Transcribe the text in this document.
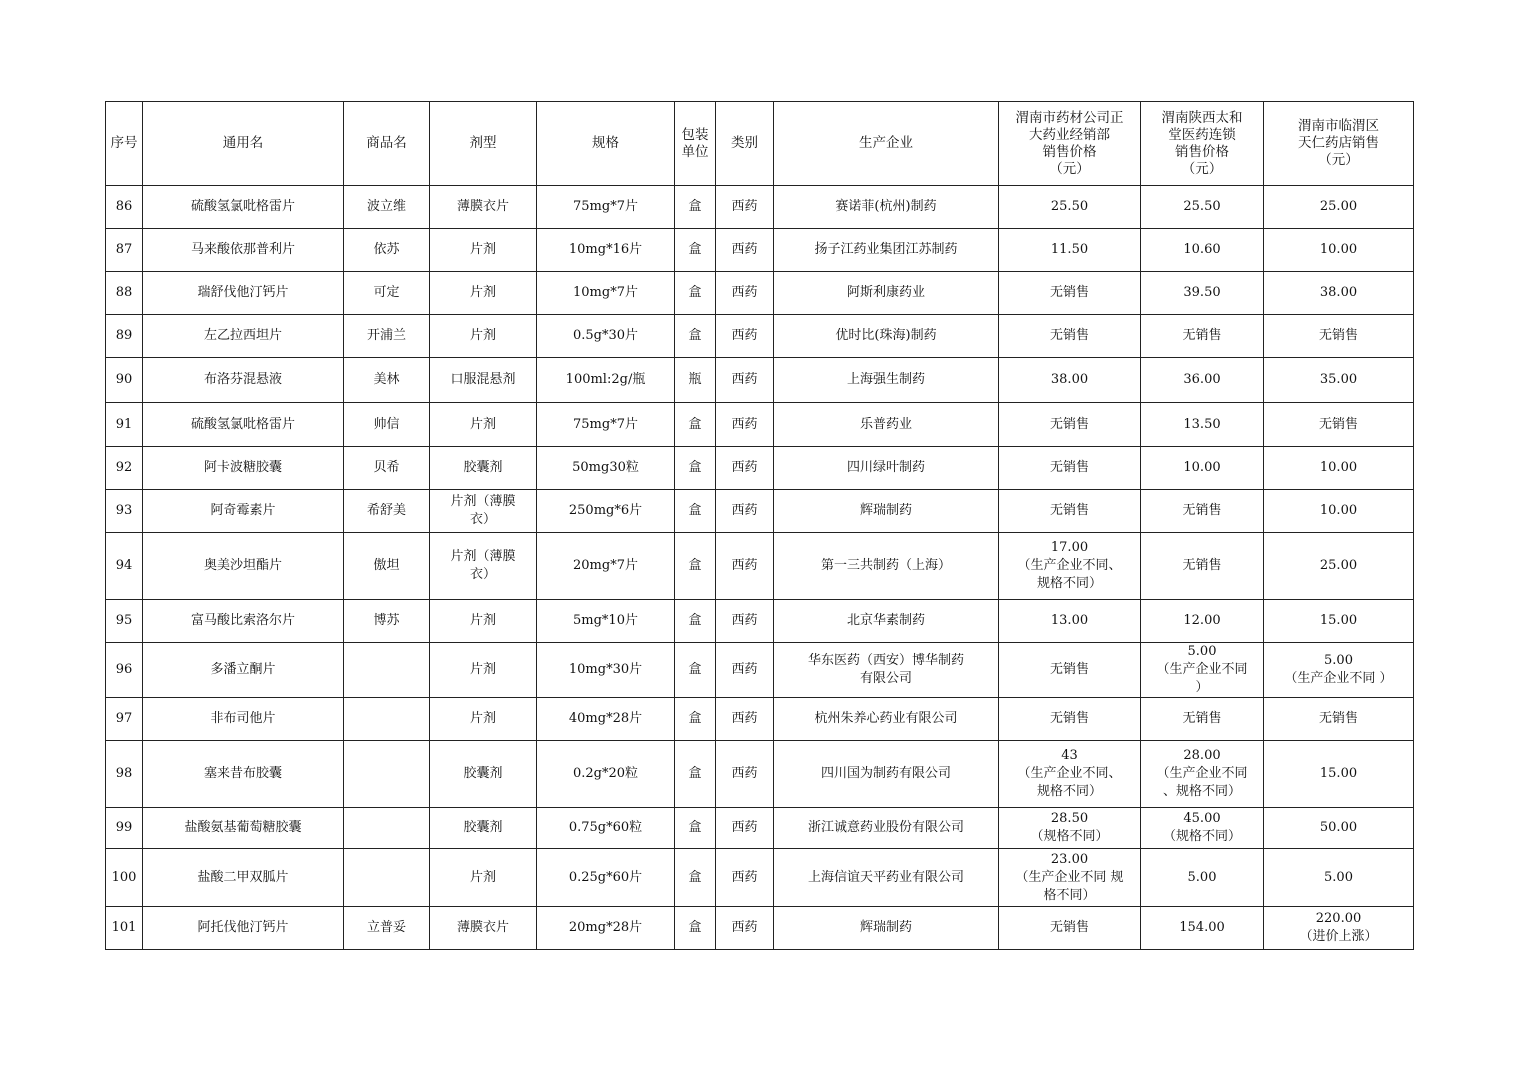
序号	通用名	商品名	剂型	规格	包装
单位	类别	生产企业	渭南市药材公司正
大药业经销部
销售价格
（元）	渭南陕西太和
堂医药连锁
销售价格
（元）	渭南市临渭区
天仁药店销售
（元）
86	硫酸氢氯吡格雷片	波立维	薄膜衣片	75mg*7片	盒	西药	赛诺菲(杭州)制药	25.50	25.50	25.00
87	马来酸依那普利片	依苏	片剂	10mg*16片	盒	西药	扬子江药业集团江苏制药	11.50	10.60	10.00
88	瑞舒伐他汀钙片	可定	片剂	10mg*7片	盒	西药	阿斯利康药业	无销售	39.50	38.00
89	左乙拉西坦片	开浦兰	片剂	0.5g*30片	盒	西药	优时比(珠海)制药	无销售	无销售	无销售
90	布洛芬混悬液	美林	口服混悬剂	100ml:2g/瓶	瓶	西药	上海强生制药	38.00	36.00	35.00
91	硫酸氢氯吡格雷片	帅信	片剂	75mg*7片	盒	西药	乐普药业	无销售	13.50	无销售
92	阿卡波糖胶囊	贝希	胶囊剂	50mg30粒	盒	西药	四川绿叶制药	无销售	10.00	10.00
93	阿奇霉素片	希舒美	片剂（薄膜
衣）	250mg*6片	盒	西药	辉瑞制药	无销售	无销售	10.00
94	奥美沙坦酯片	傲坦	片剂（薄膜
衣）	20mg*7片	盒	西药	第一三共制药（上海）	17.00
（生产企业不同、
规格不同）	无销售	25.00
95	富马酸比索洛尔片	博苏	片剂	5mg*10片	盒	西药	北京华素制药	13.00	12.00	15.00
96	多潘立酮片		片剂	10mg*30片	盒	西药	华东医药（西安）博华制药
有限公司	无销售	5.00
（生产企业不同
）	5.00
（生产企业不同 ）
97	非布司他片		片剂	40mg*28片	盒	西药	杭州朱养心药业有限公司	无销售	无销售	无销售
98	塞来昔布胶囊		胶囊剂	0.2g*20粒	盒	西药	四川国为制药有限公司	43
（生产企业不同、
规格不同）	28.00
（生产企业不同
、规格不同）	15.00
99	盐酸氨基葡萄糖胶囊		胶囊剂	0.75g*60粒	盒	西药	浙江诚意药业股份有限公司	28.50
（规格不同）	45.00
（规格不同）	50.00
100	盐酸二甲双胍片		片剂	0.25g*60片	盒	西药	上海信谊天平药业有限公司	23.00
（生产企业不同 规
格不同）	5.00	5.00
101	阿托伐他汀钙片	立普妥	薄膜衣片	20mg*28片	盒	西药	辉瑞制药	无销售	154.00	220.00
（进价上涨）
